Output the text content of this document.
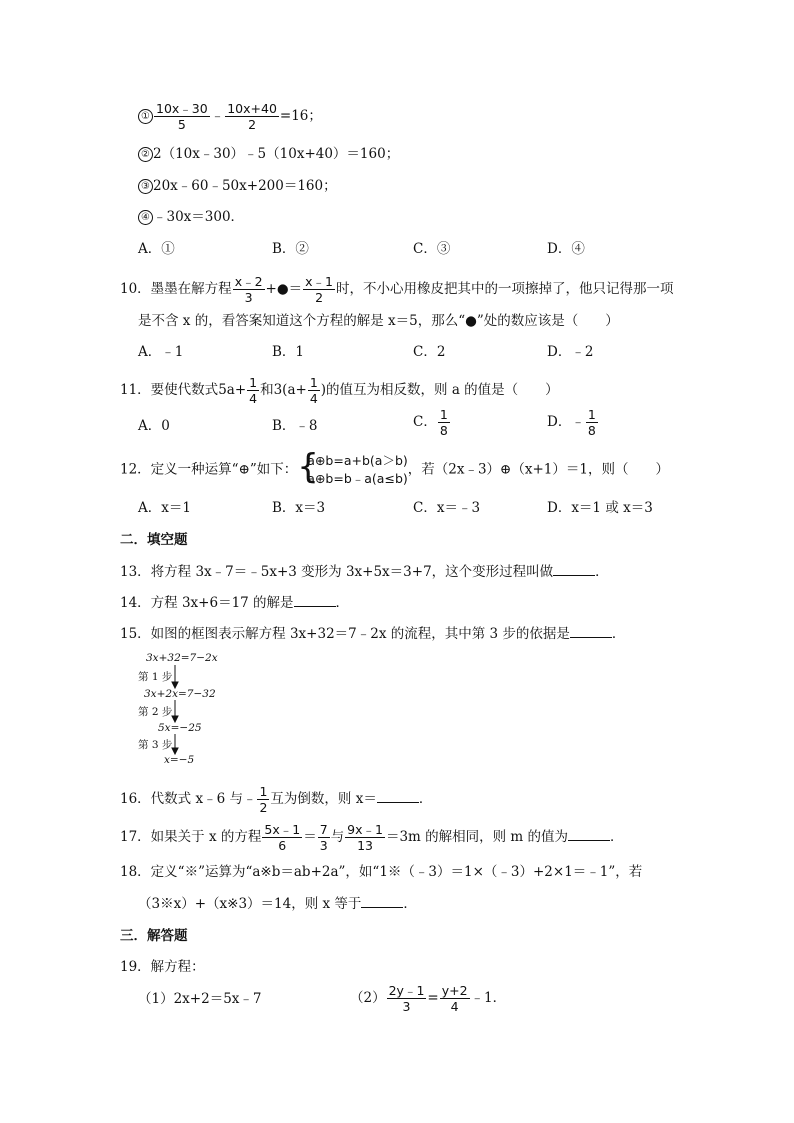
① $\frac{10x﹣30}{5}$ ﹣ $\frac{10x+40}{2} =16$；
② 2（10x﹣30）﹣5（10x+40）＝160；
③ 20x﹣60﹣50x+200＝160；
④ ﹣30x＝300．
A．①	B．②	C．③	D．④
10．墨墨在解方程 $\frac{x﹣2}{3}$ +●＝ $\frac{x﹣1}{2}$ 时，不小心用橡皮把其中的一项擦掉了，他只记得那一项
是不含 x 的，看答案知道这个方程的解是 x＝5，那么“●”处的数应该是（　　）
A．﹣1	B．1	C．2	D．﹣2
11．要使代数式$5a+ \frac{1}{4}$ 和$3(a+ \frac{1}{4}$ )的值互为相反数，则 a 的值是（　　）
A．0	B．﹣8	C． $\frac{1}{8}$	D．﹣ $\frac{1}{8}$
12．定义一种运算“⊕”如下： {
a⊕b=a+b(a＞b)
a⊕b=b﹣a(a≤b)
，若（2x﹣3）⊕（x+1）＝1，则（　　）
A．x＝1	B．x＝3	C．x＝﹣3	D．x＝1 或 x＝3
二．填空题
13．将方程 3x﹣7＝﹣5x+3 变形为 3x+5x＝3+7，这个变形过程叫做	．
14．方程 3x+6＝17 的解是	．
15．如图的框图表示解方程 3x+32＝7﹣2x 的流程，其中第 3 步的依据是	．
3x+32=7−2x
第 1 步
3x+2x=7−32
第 2 步
5x=−25
第 3 步
x=−5
16．代数式 x﹣6 与﹣ $\frac{1}{2}$ 互为倒数，则 x＝	．
17．如果关于 x 的方程 $\frac{5x﹣1}{6} = \frac{7}{3}$ 与 $\frac{9x﹣1}{13} =3m$ 的解相同，则 m 的值为	．
18．定义“※”运算为“a※b＝ab+2a”，如“1※（﹣3）＝1×（﹣3）+2×1＝﹣1”，若
（3※x）+（x※3）＝14，则 x 等于	．
三．解答题
19．解方程：
（1）2x+2＝5x﹣7	$(2) \frac{2y﹣1}{3} = \frac{y+2}{4}$ ﹣1．
